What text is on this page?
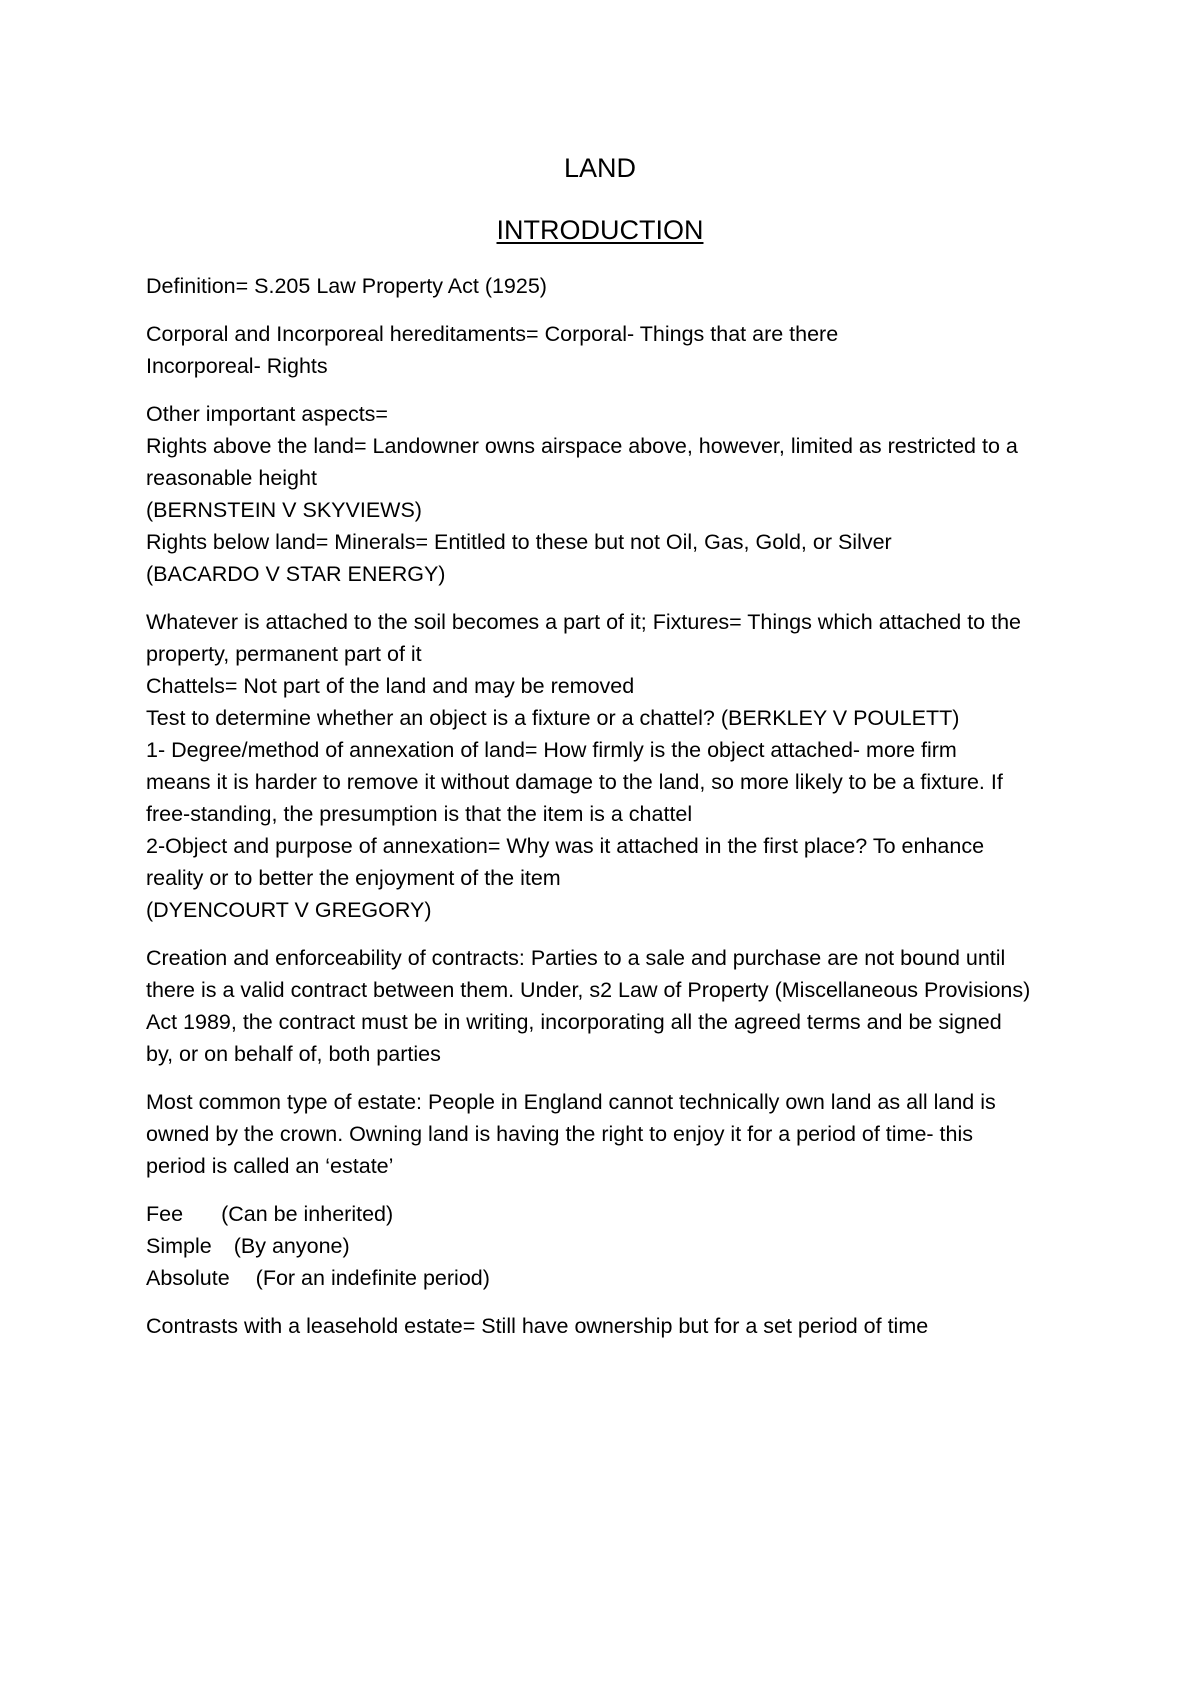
LAND
INTRODUCTION

Definition= S.205 Law Property Act (1925)

Corporal and Incorporeal hereditaments= Corporal- Things that are there
Incorporeal- Rights

Other important aspects=
Rights above the land= Landowner owns airspace above, however, limited as restricted to a
reasonable height
(BERNSTEIN V SKYVIEWS)
Rights below land= Minerals= Entitled to these but not Oil, Gas, Gold, or Silver
(BACARDO V STAR ENERGY)

Whatever is attached to the soil becomes a part of it; Fixtures= Things which attached to the
property, permanent part of it
Chattels= Not part of the land and may be removed
Test to determine whether an object is a fixture or a chattel? (BERKLEY V POULETT)
1- Degree/method of annexation of land= How firmly is the object attached- more firm
means it is harder to remove it without damage to the land, so more likely to be a fixture. If
free-standing, the presumption is that the item is a chattel
2-Object and purpose of annexation= Why was it attached in the first place? To enhance
reality or to better the enjoyment of the item
(DYENCOURT V GREGORY)

Creation and enforceability of contracts: Parties to a sale and purchase are not bound until
there is a valid contract between them. Under, s2 Law of Property (Miscellaneous Provisions)
Act 1989, the contract must be in writing, incorporating all the agreed terms and be signed
by, or on behalf of, both parties

Most common type of estate: People in England cannot technically own land as all land is
owned by the crown. Owning land is having the right to enjoy it for a period of time- this
period is called an ‘estate’

Fee (Can be inherited)
Simple (By anyone)
Absolute (For an indefinite period)

Contrasts with a leasehold estate= Still have ownership but for a set period of time
